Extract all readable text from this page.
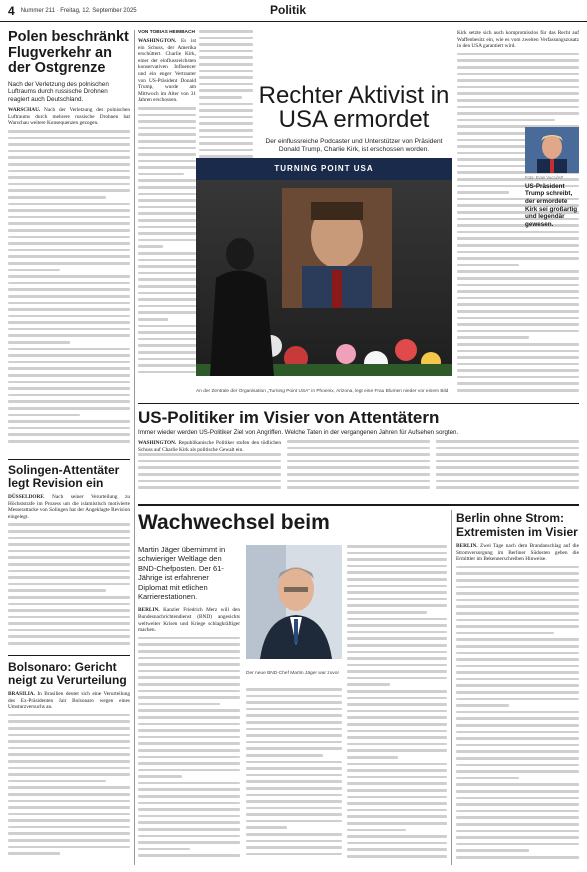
4 Nummer 211 · Freitag, 12. September 2025	Politik
Polen beschränkt Flugverkehr an der Ostgrenze
Nach der Verletzung des polnischen Luftraums durch russische Drohnen reagiert auch Deutschland.
WARSCHAU. Nach der Verletzung des polnischen Luftraums durch mehrere russische Drohnen hat Warschau weitere Konsequenzen gezogen.
Solingen-Attentäter legt Revision ein
DÜSSELDORF. Nach seiner Verurteilung zu Höchststrafe im Prozess um die islamistisch motivierte Messerattacke von Solingen hat der Angeklagte Revision eingelegt.
Bolsonaro: Gericht neigt zu Verurteilung
BRASILIA. In Brasilien deutet sich eine Verurteilung des Ex-Präsidenten Jair Bolsonaro wegen eines Umsturzversuchs an.
VON TOBIAS HEIMBACH
WASHINGTON. Es ist ein Schuss, der Amerika erschüttert. Charlie Kirk, einer der einflussreichsten konservativen Influencer und ein enger Vertrauter von US-Präsident Donald Trump, wurde am Mittwoch im Alter von 31 Jahren erschossen.	Rechter Aktivist in USA ermordet
Der einflussreiche Podcaster und Unterstützer von Präsident Donald Trump, Charlie Kirk, ist erschossen worden.
TURNING POINT USA
An der Zentrale der Organisation „Turning Point USA“ in Phoenix, Arizona, legt eine Frau Blumen nieder vor einem Bild
Kirk setzte sich auch kompromisslos für das Recht auf Waffenbesitz ein, wie es vom zweiten Verfassungszusatz in den USA garantiert wird.
Foto: Evan Vucci/AP
US-Präsident Trump schreibt, der ermordete Kirk sei großartig und legendär gewesen.
US-Politiker im Visier von Attentätern
Immer wieder werden US-Politiker Ziel von Angriffen. Welche Taten in der vergangenen Jahren für Aufsehen sorgten.
WASHINGTON. Republikanische Politiker stufen den tödlichen Schuss auf Charlie Kirk als politische Gewalt ein.
Wachwechsel beim
Martin Jäger übernimmt in schwieriger Weltlage den BND-Chefposten. Der 61-Jährige ist erfahrener Diplomat mit etlichen Karrierestationen.
BERLIN. Kanzler Friedrich Merz will den Bundesnachrichtendienst (BND) angesichts weltweiter Krisen und Kriege schlagkräftiger machen.
Der neue BND-Chef Martin Jäger war zuvor
Berlin ohne Strom: Extremisten im Visier
BERLIN. Zwei Tage nach dem Brandanschlag auf die Stromversorgung im Berliner Südosten geben die Ermittler im Bekennerschreiben Hinweise.
